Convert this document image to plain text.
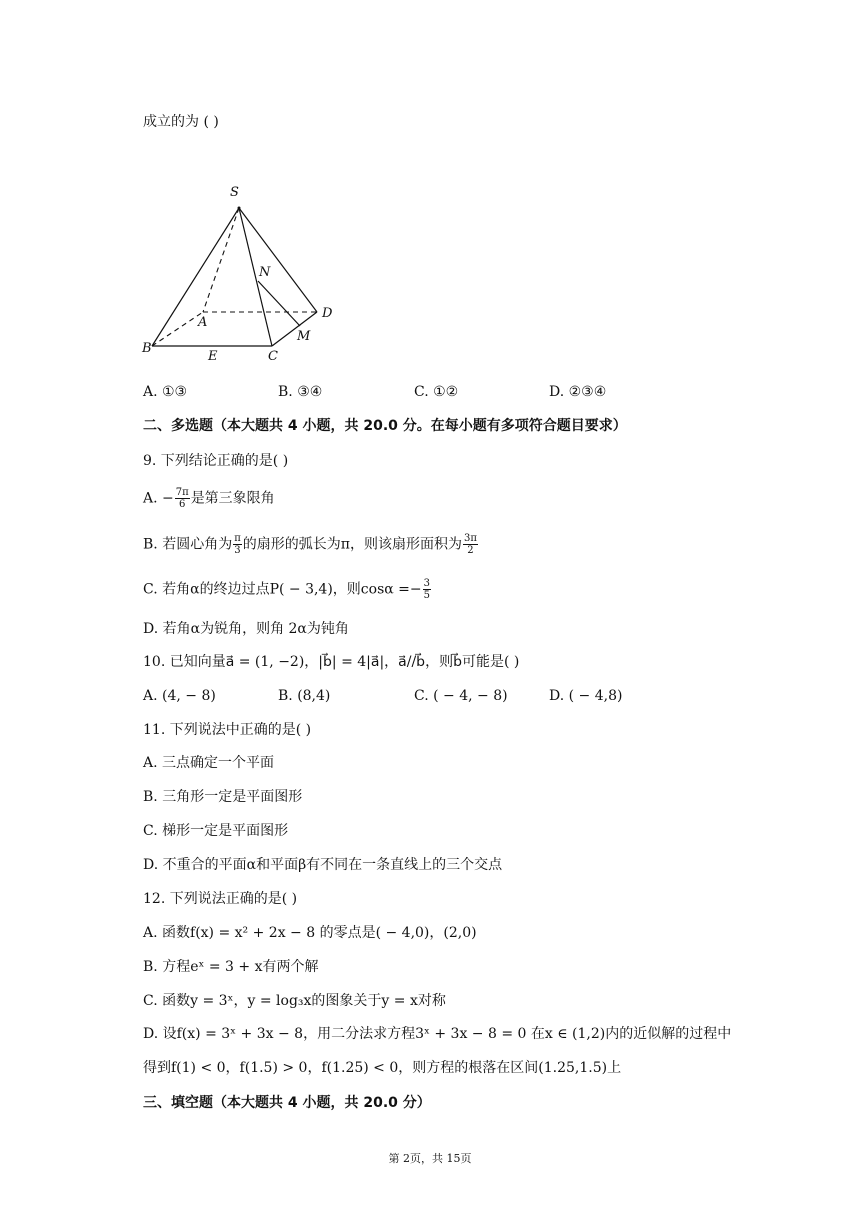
成立的为 ( )
S
N
A
D
M
B
E	C
A. ①③	B. ③④	C. ①②	D. ②③④
二、多选题（本大题共 4 小题，共 20.0 分。在每小题有多项符合题目要求）
9. 下列结论正确的是( )
A. − $\frac{7\pi}{6}$ 是第三象限角
B. 若圆心角为 $\frac{\pi}{3}$ 的扇形的弧长为π，则该扇形面积为 $\frac{3\pi}{2}$
C. 若角α的终边过点P( − 3,4)，则$\cos\alpha =- \frac{3}{5}$
D. 若角α为锐角，则角 2α为钝角
10. 已知向量a⃗ = (1, −2)，|b⃗| = 4|a⃗|，a⃗//b⃗，则b⃗可能是( )
A. (4, − 8)	B. (8,4)	C. ( − 4, − 8)	D. ( − 4,8)
11. 下列说法中正确的是( )
A. 三点确定一个平面
B. 三角形一定是平面图形
C. 梯形一定是平面图形
D. 不重合的平面α和平面β有不同在一条直线上的三个交点
12. 下列说法正确的是( )
A. 函数f(x) = x² + 2x − 8 的零点是( − 4,0)，(2,0)
B. 方程eˣ = 3 + x有两个解
C. 函数y = 3ˣ，y = log₃x的图象关于y = x对称
D. 设f(x) = 3ˣ + 3x − 8，用二分法求方程3ˣ + 3x − 8 = 0 在x ∈ (1,2)内的近似解的过程中
得到f(1) < 0，f(1.5) > 0，f(1.25) < 0，则方程的根落在区间(1.25,1.5)上
三、填空题（本大题共 4 小题，共 20.0 分）
第 2页，共 15页
